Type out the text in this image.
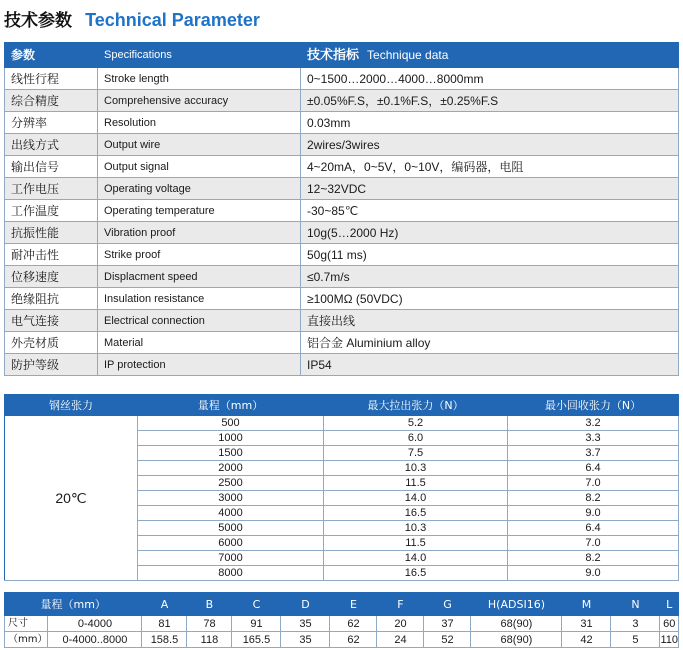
技术参数 Technical Parameter
参数	Specifications	技术指标 Technique data
线性行程	Stroke length	0~1500…2000…4000…8000mm
综合精度	Comprehensive accuracy	±0.05%F.S，±0.1%F.S，±0.25%F.S
分辨率	Resolution	0.03mm
出线方式	Output wire	2wires/3wires
输出信号	Output signal	4~20mA，0~5V，0~10V，编码器，电阻
工作电压	Operating voltage	12~32VDC
工作温度	Operating temperature	-30~85℃
抗振性能	Vibration proof	10g(5…2000 Hz)
耐冲击性	Strike proof	50g(11 ms)
位移速度	Displacment speed	≤0.7m/s
绝缘阻抗	Insulation resistance	≥100MΩ (50VDC)
电气连接	Electrical connection	直接出线
外壳材质	Material	铝合金 Aluminium alloy
防护等级	IP protection	IP54
钢丝张力	量程（mm）	最大拉出张力（N）	最小回收张力（N）
20℃	500	5.2	3.2
	1000	6.0	3.3
	1500	7.5	3.7
	2000	10.3	6.4
	2500	11.5	7.0
	3000	14.0	8.2
	4000	16.5	9.0
	5000	10.3	6.4
	6000	11.5	7.0
	7000	14.0	8.2
	8000	16.5	9.0
量程（mm）		A	B	C	D	E	F	G	H(ADSI16)	M	N	L
尺寸	0-4000	81	78	91	35	62	20	37	68(90)	31	3	60
（mm）	0-4000..8000	158.5	118	165.5	35	62	24	52	68(90)	42	5	110
